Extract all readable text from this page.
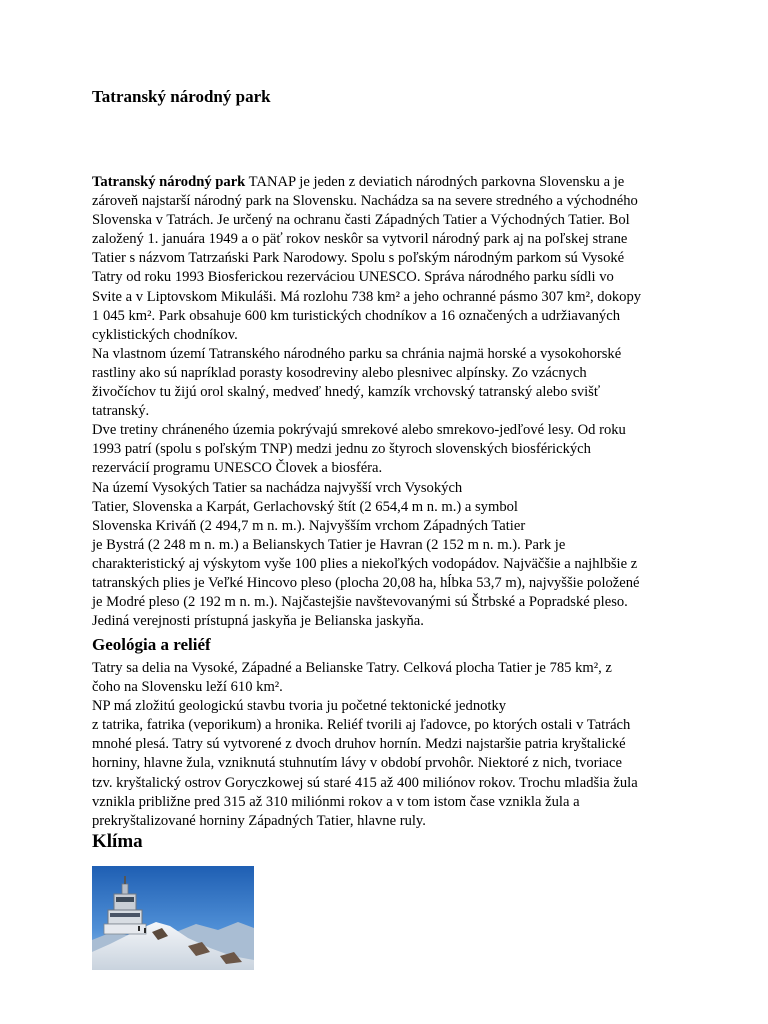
Tatranský národný park
Tatranský národný park TANAP je jeden z deviatich národných parkovna Slovensku a je
zároveň najstarší národný park na Slovensku. Nachádza sa na severe stredného a východného
Slovenska v Tatrách. Je určený na ochranu časti Západných Tatier a Východných Tatier. Bol
založený 1. januára 1949 a o päť rokov neskôr sa vytvoril národný park aj na poľskej strane
Tatier s názvom Tatrzański Park Narodowy. Spolu s poľským národným parkom sú Vysoké
Tatry od roku 1993 Biosferickou rezerváciou UNESCO. Správa národného parku sídli vo
Svite a v Liptovskom Mikuláši. Má rozlohu 738 km² a jeho ochranné pásmo 307 km², dokopy
1 045 km². Park obsahuje 600 km turistických chodníkov a 16 označených a udržiavaných
cyklistických chodníkov.
Na vlastnom území Tatranského národného parku sa chránia najmä horské a vysokohorské
rastliny ako sú napríklad porasty kosodreviny alebo plesnivec alpínsky. Zo vzácnych
živočíchov tu žijú orol skalný, medveď hnedý, kamzík vrchovský tatranský alebo svišť
tatranský.
Dve tretiny chráneného územia pokrývajú smrekové alebo smrekovo-jedľové lesy. Od roku
1993 patrí (spolu s poľským TNP) medzi jednu zo štyroch slovenských biosférických
rezervácií programu UNESCO Človek a biosféra.
Na území Vysokých Tatier sa nachádza najvyšší vrch Vysokých
Tatier, Slovenska a Karpát, Gerlachovský štít (2 654,4 m n. m.) a symbol
Slovenska Kriváň (2 494,7 m n. m.). Najvyšším vrchom Západných Tatier
je Bystrá (2 248 m n. m.) a Belianskych Tatier je Havran (2 152 m n. m.). Park je
charakteristický aj výskytom vyše 100 plies a niekoľkých vodopádov. Najväčšie a najhlbšie z
tatranských plies je Veľké Hincovo pleso (plocha 20,08 ha, hĺbka 53,7 m), najvyššie položené
je Modré pleso (2 192 m n. m.). Najčastejšie navštevovanými sú Štrbské a Popradské pleso.
Jediná verejnosti prístupná jaskyňa je Belianska jaskyňa.
Geológia a reliéf
Tatry sa delia na Vysoké, Západné a Belianske Tatry. Celková plocha Tatier je 785 km², z
čoho na Slovensku leží 610 km².
NP má zložitú geologickú stavbu tvoria ju početné tektonické jednotky
z tatrika, fatrika (veporikum) a hronika. Reliéf tvorili aj ľadovce, po ktorých ostali v Tatrách
mnohé plesá. Tatry sú vytvorené z dvoch druhov hornín. Medzi najstaršie patria kryštalické
horniny, hlavne žula, vzniknutá stuhnutím lávy v období prvohôr. Niektoré z nich, tvoriace
tzv. kryštalický ostrov Goryczkowej sú staré 415 až 400 miliónov rokov. Trochu mladšia žula
vznikla približne pred 315 až 310 miliónmi rokov a v tom istom čase vznikla žula a
prekryštalizované horniny Západných Tatier, hlavne ruly.
Klíma
